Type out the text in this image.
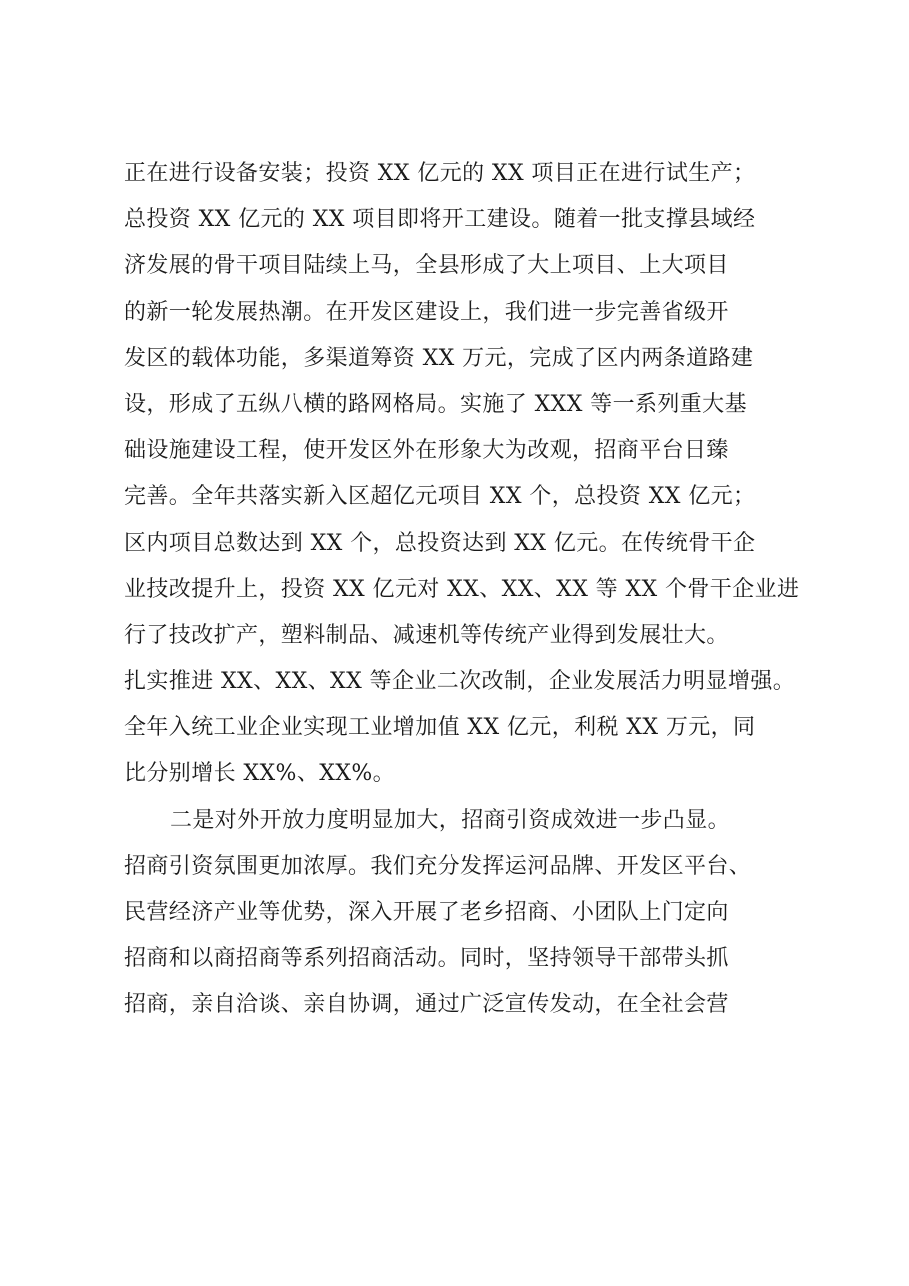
正在进行设备安装；投资 XX 亿元的 XX 项目正在进行试生产；
总投资 XX 亿元的 XX 项目即将开工建设。随着一批支撑县域经
济发展的骨干项目陆续上马，全县形成了大上项目、上大项目
的新一轮发展热潮。在开发区建设上，我们进一步完善省级开
发区的载体功能，多渠道筹资 XX 万元，完成了区内两条道路建
设，形成了五纵八横的路网格局。实施了 XXX 等一系列重大基
础设施建设工程，使开发区外在形象大为改观，招商平台日臻
完善。全年共落实新入区超亿元项目 XX 个，总投资 XX 亿元；
区内项目总数达到 XX 个，总投资达到 XX 亿元。在传统骨干企
业技改提升上，投资 XX 亿元对 XX、XX、XX 等 XX 个骨干企业进
行了技改扩产，塑料制品、减速机等传统产业得到发展壮大。
扎实推进 XX、XX、XX 等企业二次改制，企业发展活力明显增强。
全年入统工业企业实现工业增加值 XX 亿元，利税 XX 万元，同
比分别增长 XX%、XX%。
二是对外开放力度明显加大，招商引资成效进一步凸显。
招商引资氛围更加浓厚。我们充分发挥运河品牌、开发区平台、
民营经济产业等优势，深入开展了老乡招商、小团队上门定向
招商和以商招商等系列招商活动。同时，坚持领导干部带头抓
招商，亲自洽谈、亲自协调，通过广泛宣传发动，在全社会营
